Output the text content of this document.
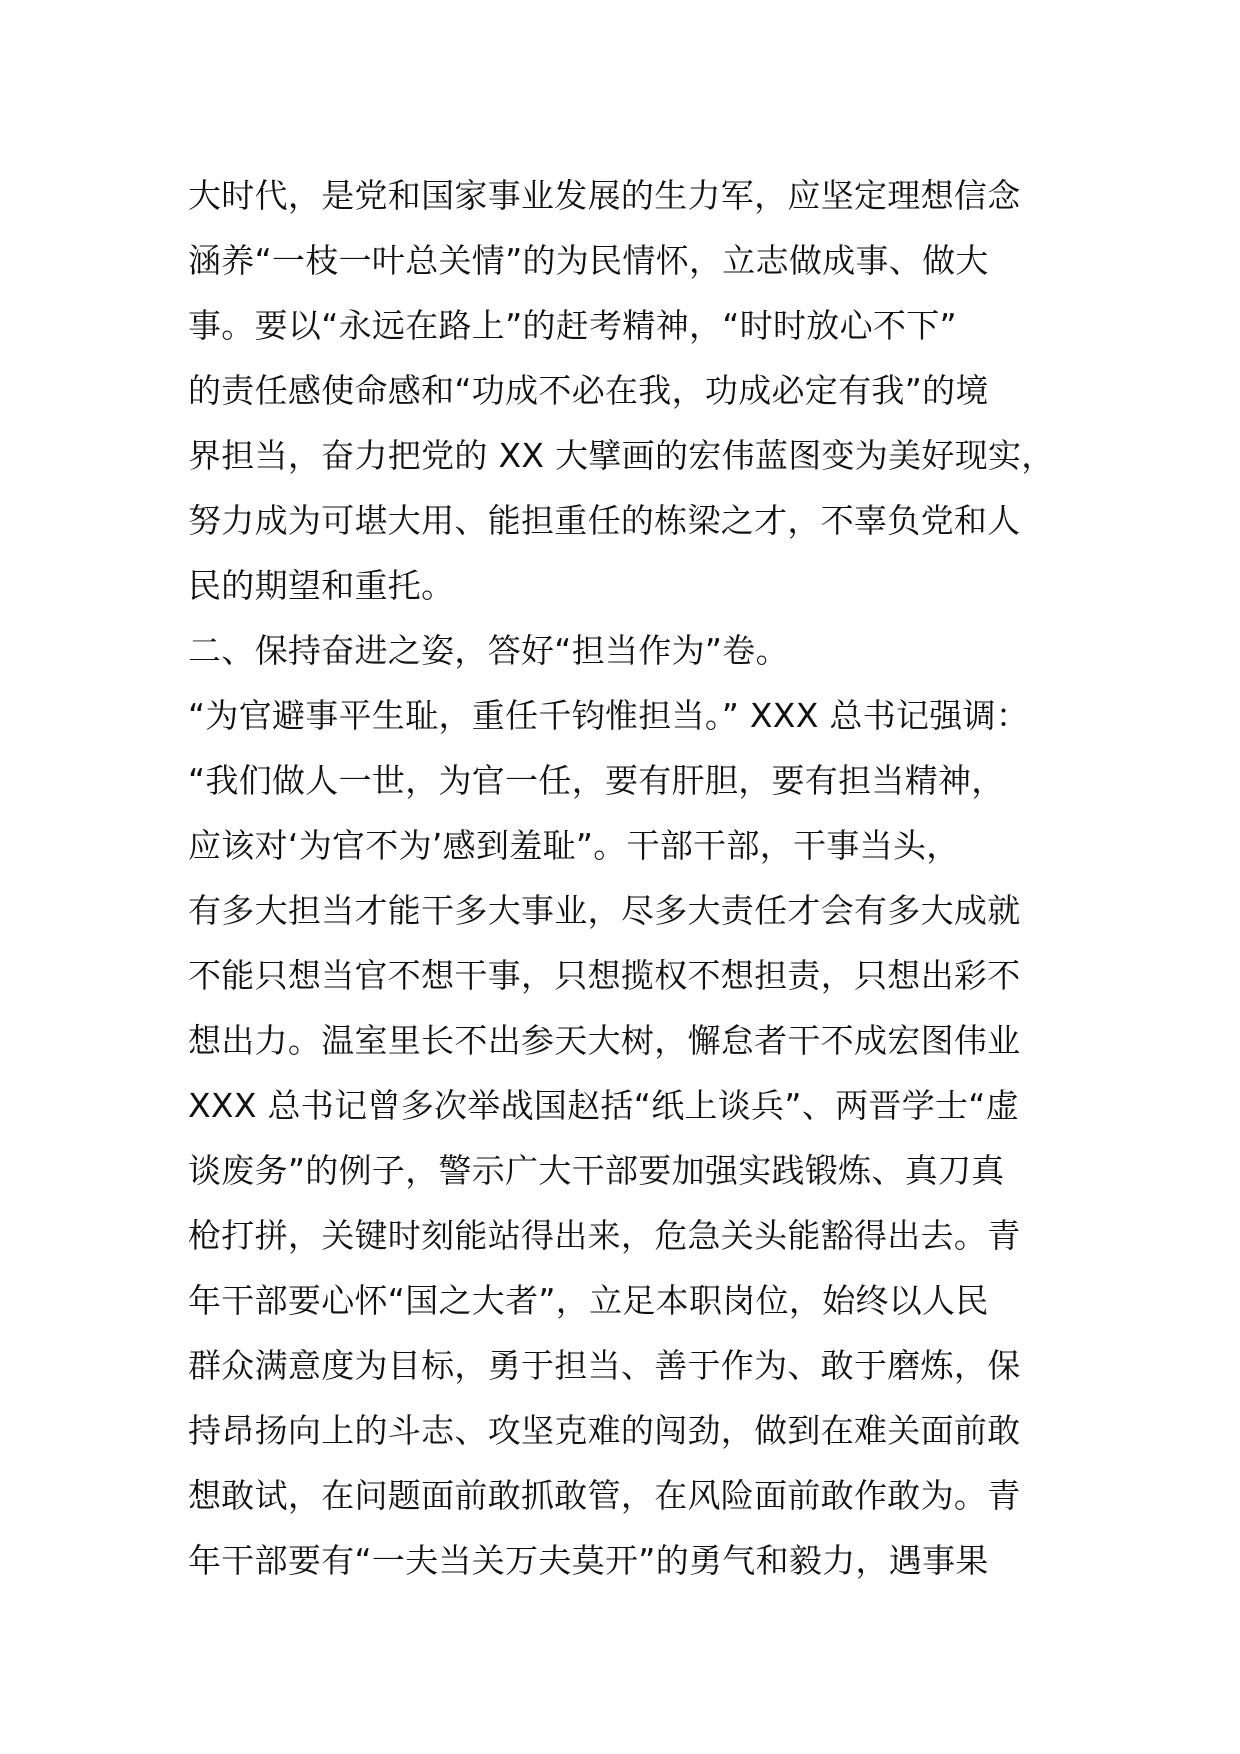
大时代，是党和国家事业发展的生力军，应坚定理想信念
涵养“一枝一叶总关情”的为民情怀，立志做成事、做大
事。要以“永远在路上”的赶考精神，“时时放心不下”
的责任感使命感和“功成不必在我，功成必定有我”的境
界担当，奋力把党的 XX 大擘画的宏伟蓝图变为美好现实，
努力成为可堪大用、能担重任的栋梁之才，不辜负党和人
民的期望和重托。
二、保持奋进之姿，答好“担当作为”卷。
“为官避事平生耻，重任千钧惟担当。” XXX 总书记强调：
“我们做人一世，为官一任，要有肝胆，要有担当精神，
应该对‘为官不为’感到羞耻”。干部干部，干事当头，
有多大担当才能干多大事业，尽多大责任才会有多大成就
不能只想当官不想干事，只想揽权不想担责，只想出彩不
想出力。温室里长不出参天大树，懈怠者干不成宏图伟业
XXX 总书记曾多次举战国赵括“纸上谈兵”、两晋学士“虚
谈废务”的例子，警示广大干部要加强实践锻炼、真刀真
枪打拼，关键时刻能站得出来，危急关头能豁得出去。青
年干部要心怀“国之大者”，立足本职岗位，始终以人民
群众满意度为目标，勇于担当、善于作为、敢于磨炼，保
持昂扬向上的斗志、攻坚克难的闯劲，做到在难关面前敢
想敢试，在问题面前敢抓敢管，在风险面前敢作敢为。青
年干部要有“一夫当关万夫莫开”的勇气和毅力，遇事果
